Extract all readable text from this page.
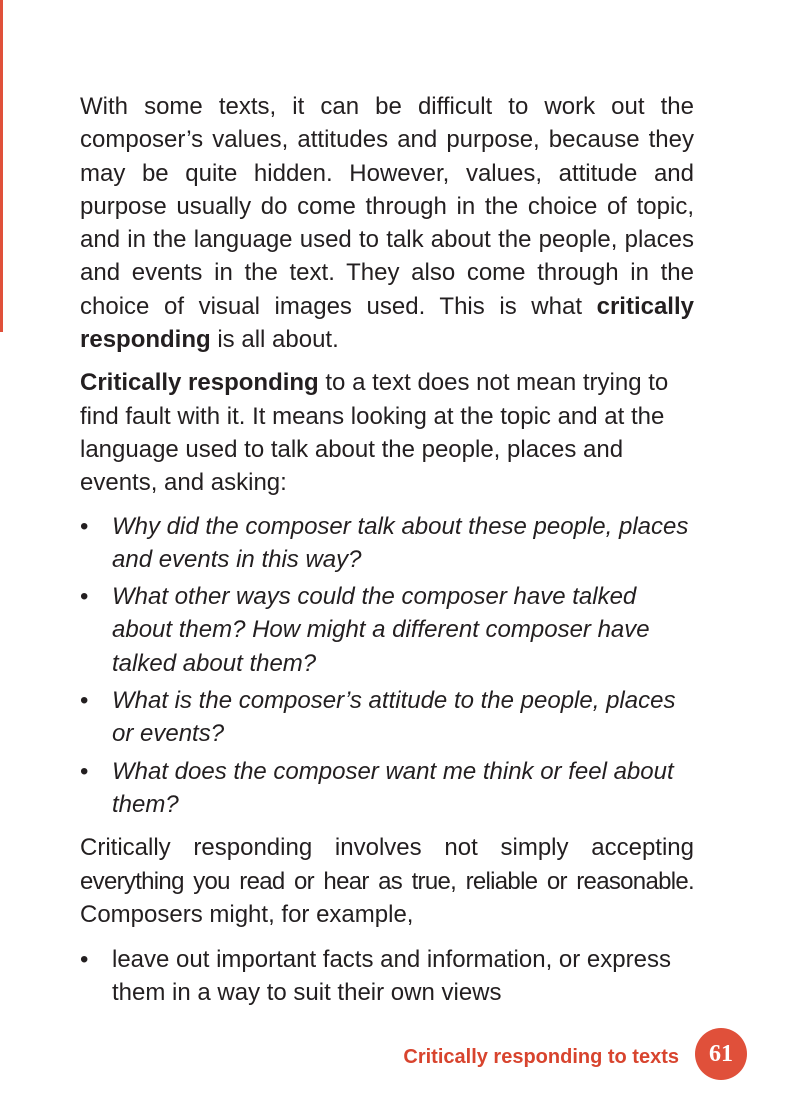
With some texts, it can be difficult to work out the composer’s values, attitudes and purpose, because they may be quite hidden. However, values, attitude and purpose usually do come through in the choice of topic, and in the language used to talk about the people, places and events in the text. They also come through in the choice of visual images used. This is what critically responding is all about.

Critically responding to a text does not mean trying to find fault with it. It means looking at the topic and at the language used to talk about the people, places and events, and asking:

• Why did the composer talk about these people, places and events in this way?
• What other ways could the composer have talked about them? How might a different composer have talked about them?
• What is the composer’s attitude to the people, places or events?
• What does the composer want me think or feel about them?

Critically responding involves not simply accepting everything you read or hear as true, reliable or reasonable. Composers might, for example,

• leave out important facts and information, or express them in a way to suit their own views
Critically responding to texts	61
